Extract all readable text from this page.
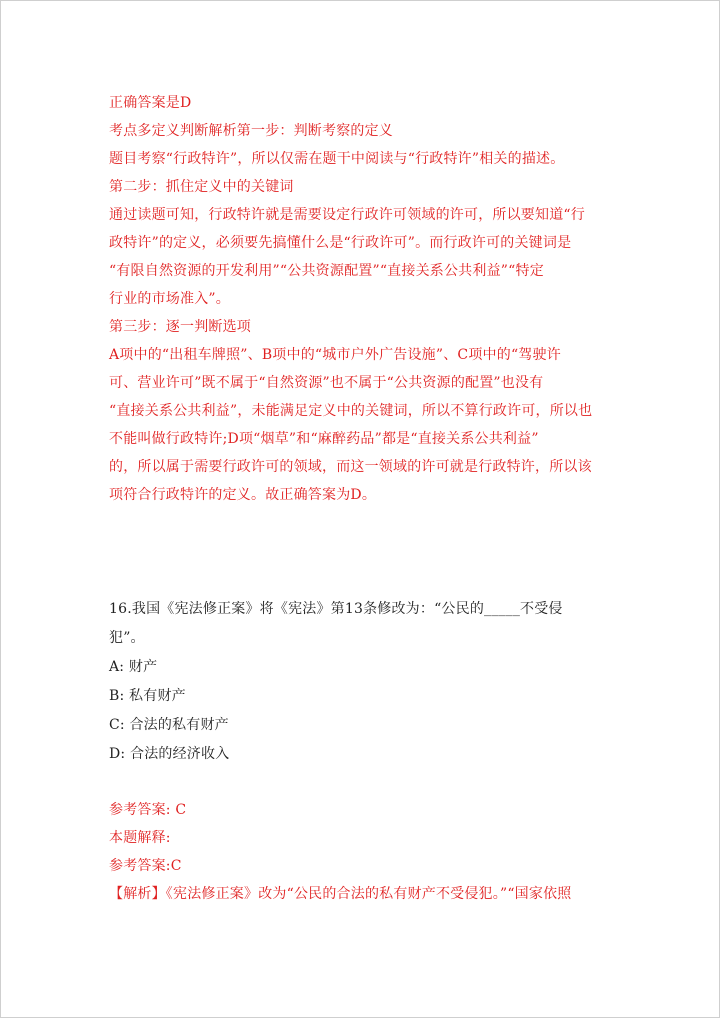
正确答案是D
考点多定义判断解析第一步：判断考察的定义
题目考察“行政特许”，所以仅需在题干中阅读与“行政特许”相关的描述。
第二步：抓住定义中的关键词
通过读题可知，行政特许就是需要设定行政许可领域的许可，所以要知道“行
政特许”的定义，必须要先搞懂什么是“行政许可”。而行政许可的关键词是
“有限自然资源的开发利用”“公共资源配置”“直接关系公共利益”“特定
行业的市场准入”。
第三步：逐一判断选项
A项中的“出租车牌照”、B项中的“城市户外广告设施”、C项中的“驾驶许
可、营业许可”既不属于“自然资源”也不属于“公共资源的配置”也没有
“直接关系公共利益”，未能满足定义中的关键词，所以不算行政许可，所以也
不能叫做行政特许;D项“烟草”和“麻醉药品”都是“直接关系公共利益”
的，所以属于需要行政许可的领域，而这一领域的许可就是行政特许，所以该
项符合行政特许的定义。故正确答案为D。
16.我国《宪法修正案》将《宪法》第13条修改为：“公民的_____不受侵
犯”。
A: 财产
B: 私有财产
C: 合法的私有财产
D: 合法的经济收入
参考答案: C
本题解释:
参考答案:C
【解析】《宪法修正案》改为“公民的合法的私有财产不受侵犯。”“国家依照
